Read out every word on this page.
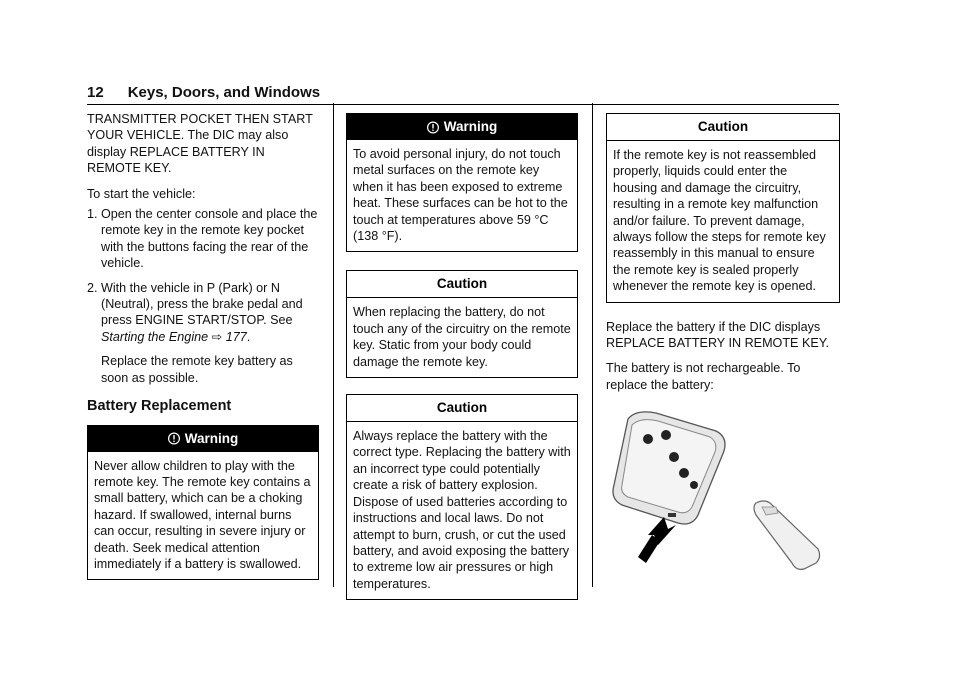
12 Keys, Doors, and Windows

TRANSMITTER POCKET THEN START YOUR VEHICLE. The DIC may also display REPLACE BATTERY IN REMOTE KEY.

To start the vehicle:

1. Open the center console and place the remote key in the remote key pocket with the buttons facing the rear of the vehicle.
2. With the vehicle in P (Park) or N (Neutral), press the brake pedal and press ENGINE START/STOP. See Starting the Engine ⇨ 177.
Replace the remote key battery as soon as possible.
Battery Replacement
Warning
Never allow children to play with the remote key. The remote key contains a small battery, which can be a choking hazard. If swallowed, internal burns can occur, resulting in severe injury or death. Seek medical attention immediately if a battery is swallowed.
Warning
To avoid personal injury, do not touch metal surfaces on the remote key when it has been exposed to extreme heat. These surfaces can be hot to the touch at temperatures above 59 °C (138 °F).
Caution
When replacing the battery, do not touch any of the circuitry on the remote key. Static from your body could damage the remote key.
Caution
Always replace the battery with the correct type. Replacing the battery with an incorrect type could potentially create a risk of battery explosion. Dispose of used batteries according to instructions and local laws. Do not attempt to burn, crush, or cut the used battery, and avoid exposing the battery to extreme low air pressures or high temperatures.
Caution
If the remote key is not reassembled properly, liquids could enter the housing and damage the circuitry, resulting in a remote key malfunction and/or failure. To prevent damage, always follow the steps for remote key reassembly in this manual to ensure the remote key is sealed properly whenever the remote key is opened.

Replace the battery if the DIC displays REPLACE BATTERY IN REMOTE KEY.

The battery is not rechargeable. To replace the battery:
